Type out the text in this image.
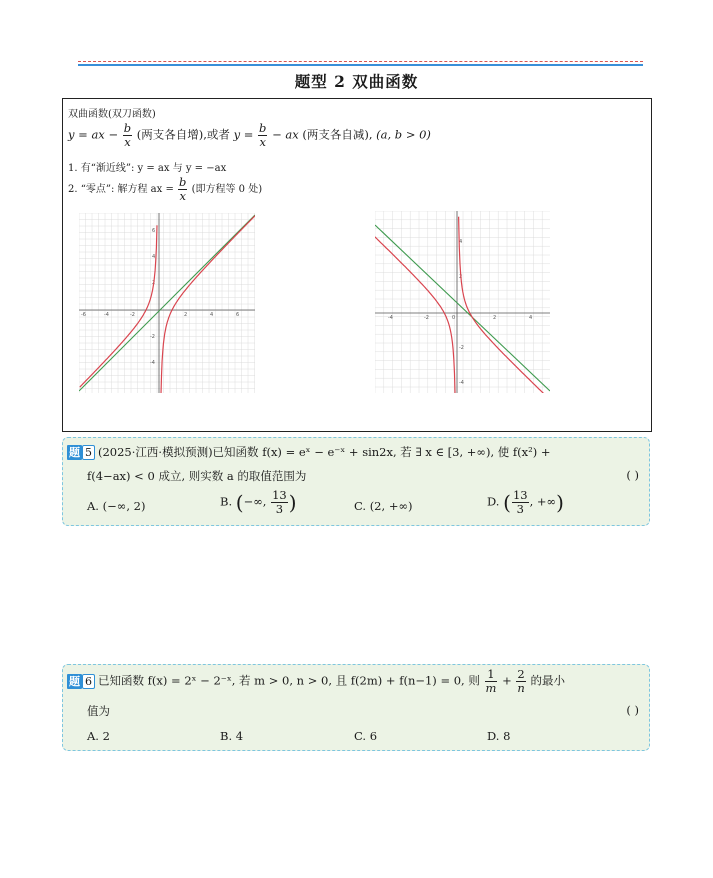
题型 2 双曲函数
双曲函数(双刀函数)
y = ax − $\frac{b}{x}$ (两支各自增),或者 $y = \frac{b}{x}$ − ax (两支各自减), (a, b > 0)
1. 有“渐近线”: y = ax 与 y = −ax
2. “零点”: 解方程 ax = $\frac{b}{x}$ (即方程等 0 处)
-6	-4	-2	2	4	6
6
4
2
-2
-4
-4	-2	0	2	4
4
2
-2
-4
题 5 (2025·江西·模拟预测)已知函数 f(x) = eˣ − e⁻ˣ + sin2x, 若 ∃ x ∈ [3, +∞), 使 f(x²) +
f(4−ax) < 0 成立, 则实数 a 的取值范围为	( )
A. (−∞, 2)	B. (−∞, $\frac{13}{3}$ )	C. (2, +∞)	D. ( $\frac{13}{3}$ , +∞)
题 6 已知函数 f(x) = 2ˣ − 2⁻ˣ, 若 m > 0, n > 0, 且 f(2m) + f(n−1) = 0, 则 $\frac{1}{m} + \frac{2}{n}$ 的最小
值为	( )
A. 2	B. 4	C. 6	D. 8
